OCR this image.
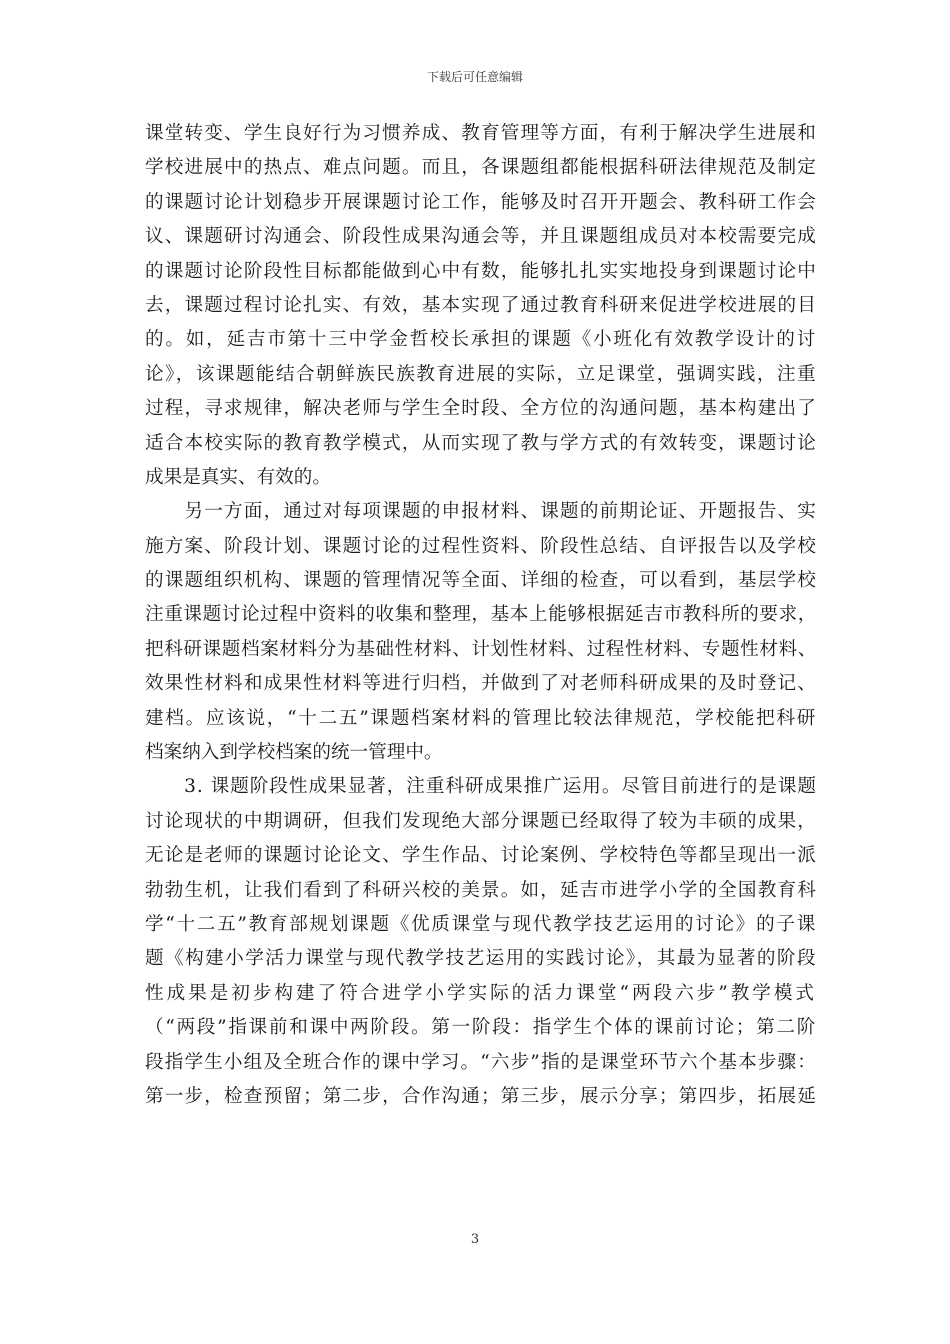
下载后可任意编辑
课堂转变、学生良好行为习惯养成、教育管理等方面，有利于解决学生进展和
学校进展中的热点、难点问题。而且，各课题组都能根据科研法律规范及制定
的课题讨论计划稳步开展课题讨论工作，能够及时召开开题会、教科研工作会
议、课题研讨沟通会、阶段性成果沟通会等，并且课题组成员对本校需要完成
的课题讨论阶段性目标都能做到心中有数，能够扎扎实实地投身到课题讨论中
去，课题过程讨论扎实、有效，基本实现了通过教育科研来促进学校进展的目
的。如，延吉市第十三中学金哲校长承担的课题《小班化有效教学设计的讨
论》，该课题能结合朝鲜族民族教育进展的实际，立足课堂，强调实践，注重
过程，寻求规律，解决老师与学生全时段、全方位的沟通问题，基本构建出了
适合本校实际的教育教学模式，从而实现了教与学方式的有效转变，课题讨论
成果是真实、有效的。
　　另一方面，通过对每项课题的申报材料、课题的前期论证、开题报告、实
施方案、阶段计划、课题讨论的过程性资料、阶段性总结、自评报告以及学校
的课题组织机构、课题的管理情况等全面、详细的检查，可以看到，基层学校
注重课题讨论过程中资料的收集和整理，基本上能够根据延吉市教科所的要求，
把科研课题档案材料分为基础性材料、计划性材料、过程性材料、专题性材料、
效果性材料和成果性材料等进行归档，并做到了对老师科研成果的及时登记、
建档。应该说，“十二五”课题档案材料的管理比较法律规范，学校能把科研
档案纳入到学校档案的统一管理中。
　　3. 课题阶段性成果显著，注重科研成果推广运用。尽管目前进行的是课题
讨论现状的中期调研，但我们发现绝大部分课题已经取得了较为丰硕的成果，
无论是老师的课题讨论论文、学生作品、讨论案例、学校特色等都呈现出一派
勃勃生机，让我们看到了科研兴校的美景。如，延吉市进学小学的全国教育科
学“十二五”教育部规划课题《优质课堂与现代教学技艺运用的讨论》的子课
题《构建小学活力课堂与现代教学技艺运用的实践讨论》，其最为显著的阶段
性成果是初步构建了符合进学小学实际的活力课堂“两段六步”教学模式
（“两段”指课前和课中两阶段。第一阶段：指学生个体的课前讨论；第二阶
段指学生小组及全班合作的课中学习。“六步”指的是课堂环节六个基本步骤：
第一步，检查预留；第二步，合作沟通；第三步，展示分享；第四步，拓展延
3
